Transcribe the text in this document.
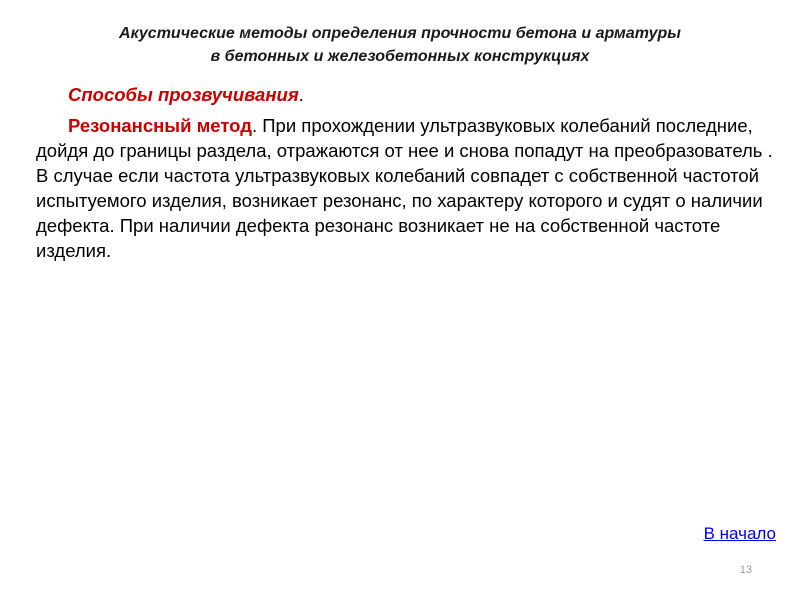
Акустические методы определения прочности бетона и арматуры
в бетонных и железобетонных конструкциях

Способы прозвучивания.

Резонансный метод. При прохождении ультразвуковых колебаний последние, дойдя до границы раздела, отражаются от нее и снова попадут на преобразователь . В случае если частота ультразвуковых колебаний совпадет с собственной частотой испытуемого изделия, возникает резонанс, по характеру которого и судят о наличии дефекта. При наличии дефекта резонанс возникает не на собственной частоте изделия.

В начало
13
